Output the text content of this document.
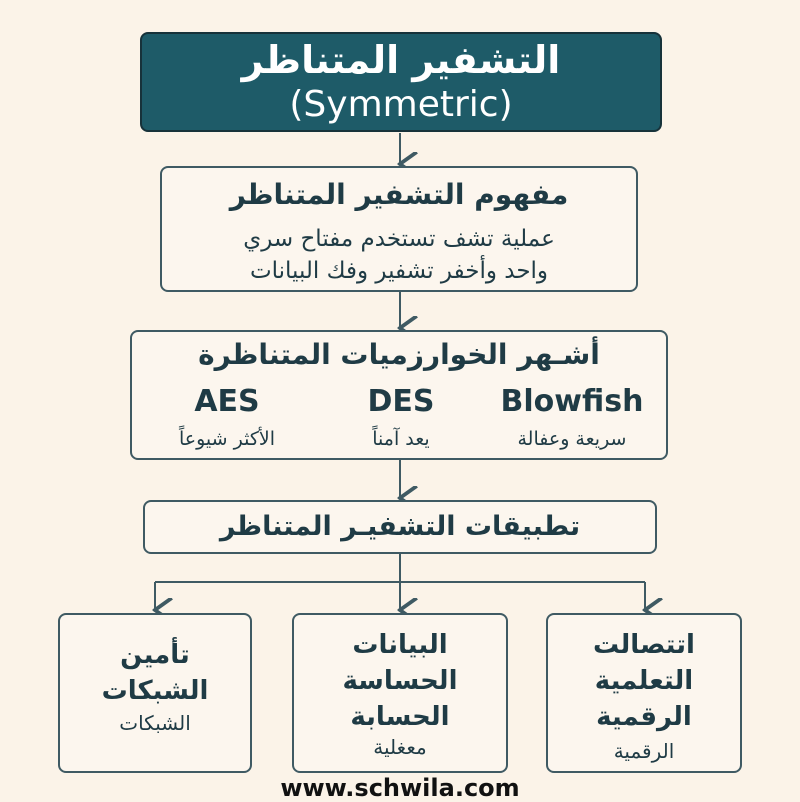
التشفير المتناظر
(Symmetric)
مفهوم التشفير المتناظر
عملية تشف تستخدم مفتاح سري
واحد وأخفر تشفير وفك البيانات
أشـهر الخوارزميات المتناظرة
AES
الأكثر شيوعاً
DES
يعد آمناً
Blowfish
سريعة وعفالة
تطبيقات التشفيـر المتناظر
تأمين
الشبكات
الشبكات
البيانات
الحساسة
الحسابة
معغلية
اتتصالت
التعلمية
الرقمية
الرقمية
www.schwila.com
